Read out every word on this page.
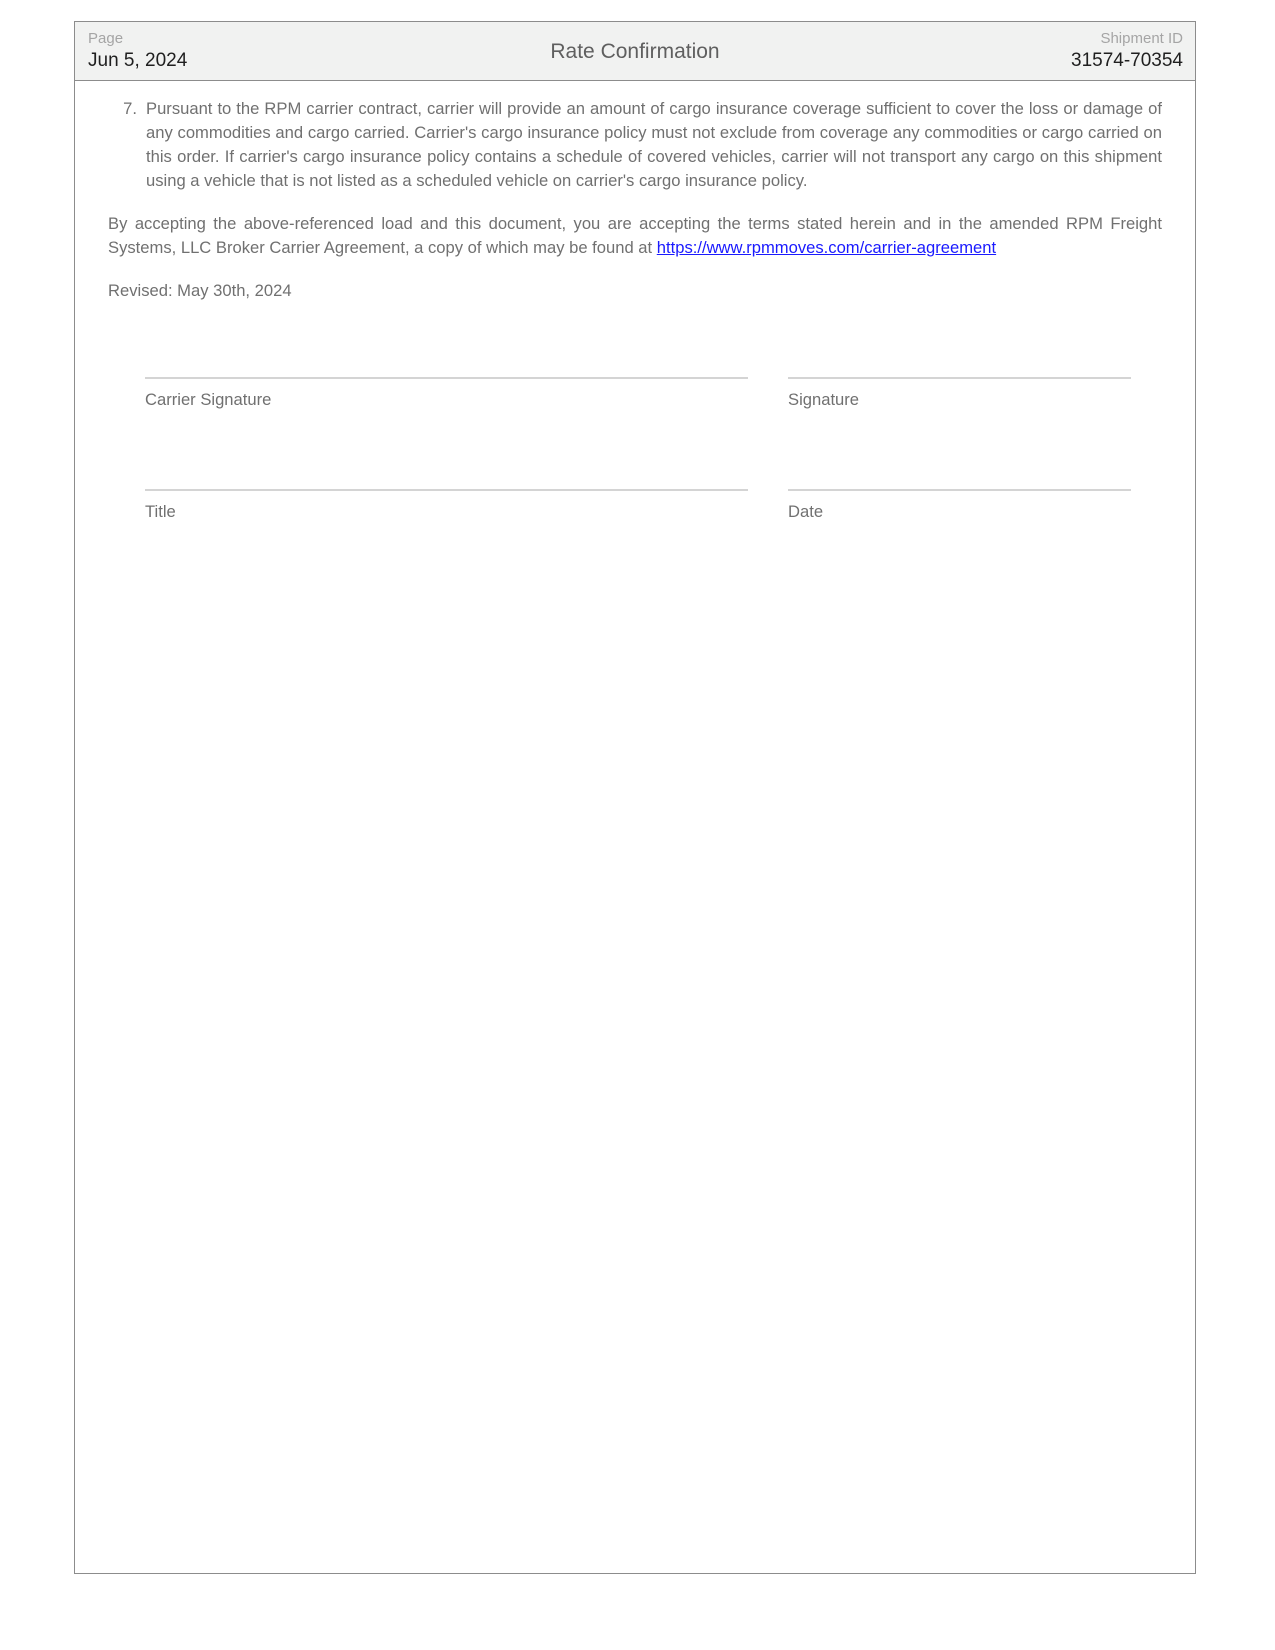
Page
Jun 5, 2024	Rate Confirmation
Shipment ID
31574-70354
7. Pursuant to the RPM carrier contract, carrier will provide an amount of cargo insurance coverage sufficient to cover the loss or damage of any commodities and cargo carried. Carrier's cargo insurance policy must not exclude from coverage any commodities or cargo carried on this order. If carrier's cargo insurance policy contains a schedule of covered vehicles, carrier will not transport any cargo on this shipment using a vehicle that is not listed as a scheduled vehicle on carrier's cargo insurance policy.
By accepting the above-referenced load and this document, you are accepting the terms stated herein and in the amended RPM Freight Systems, LLC Broker Carrier Agreement, a copy of which may be found at https://www.rpmmoves.com/carrier-agreement
Revised: May 30th, 2024
Carrier Signature	Signature
Title	Date
